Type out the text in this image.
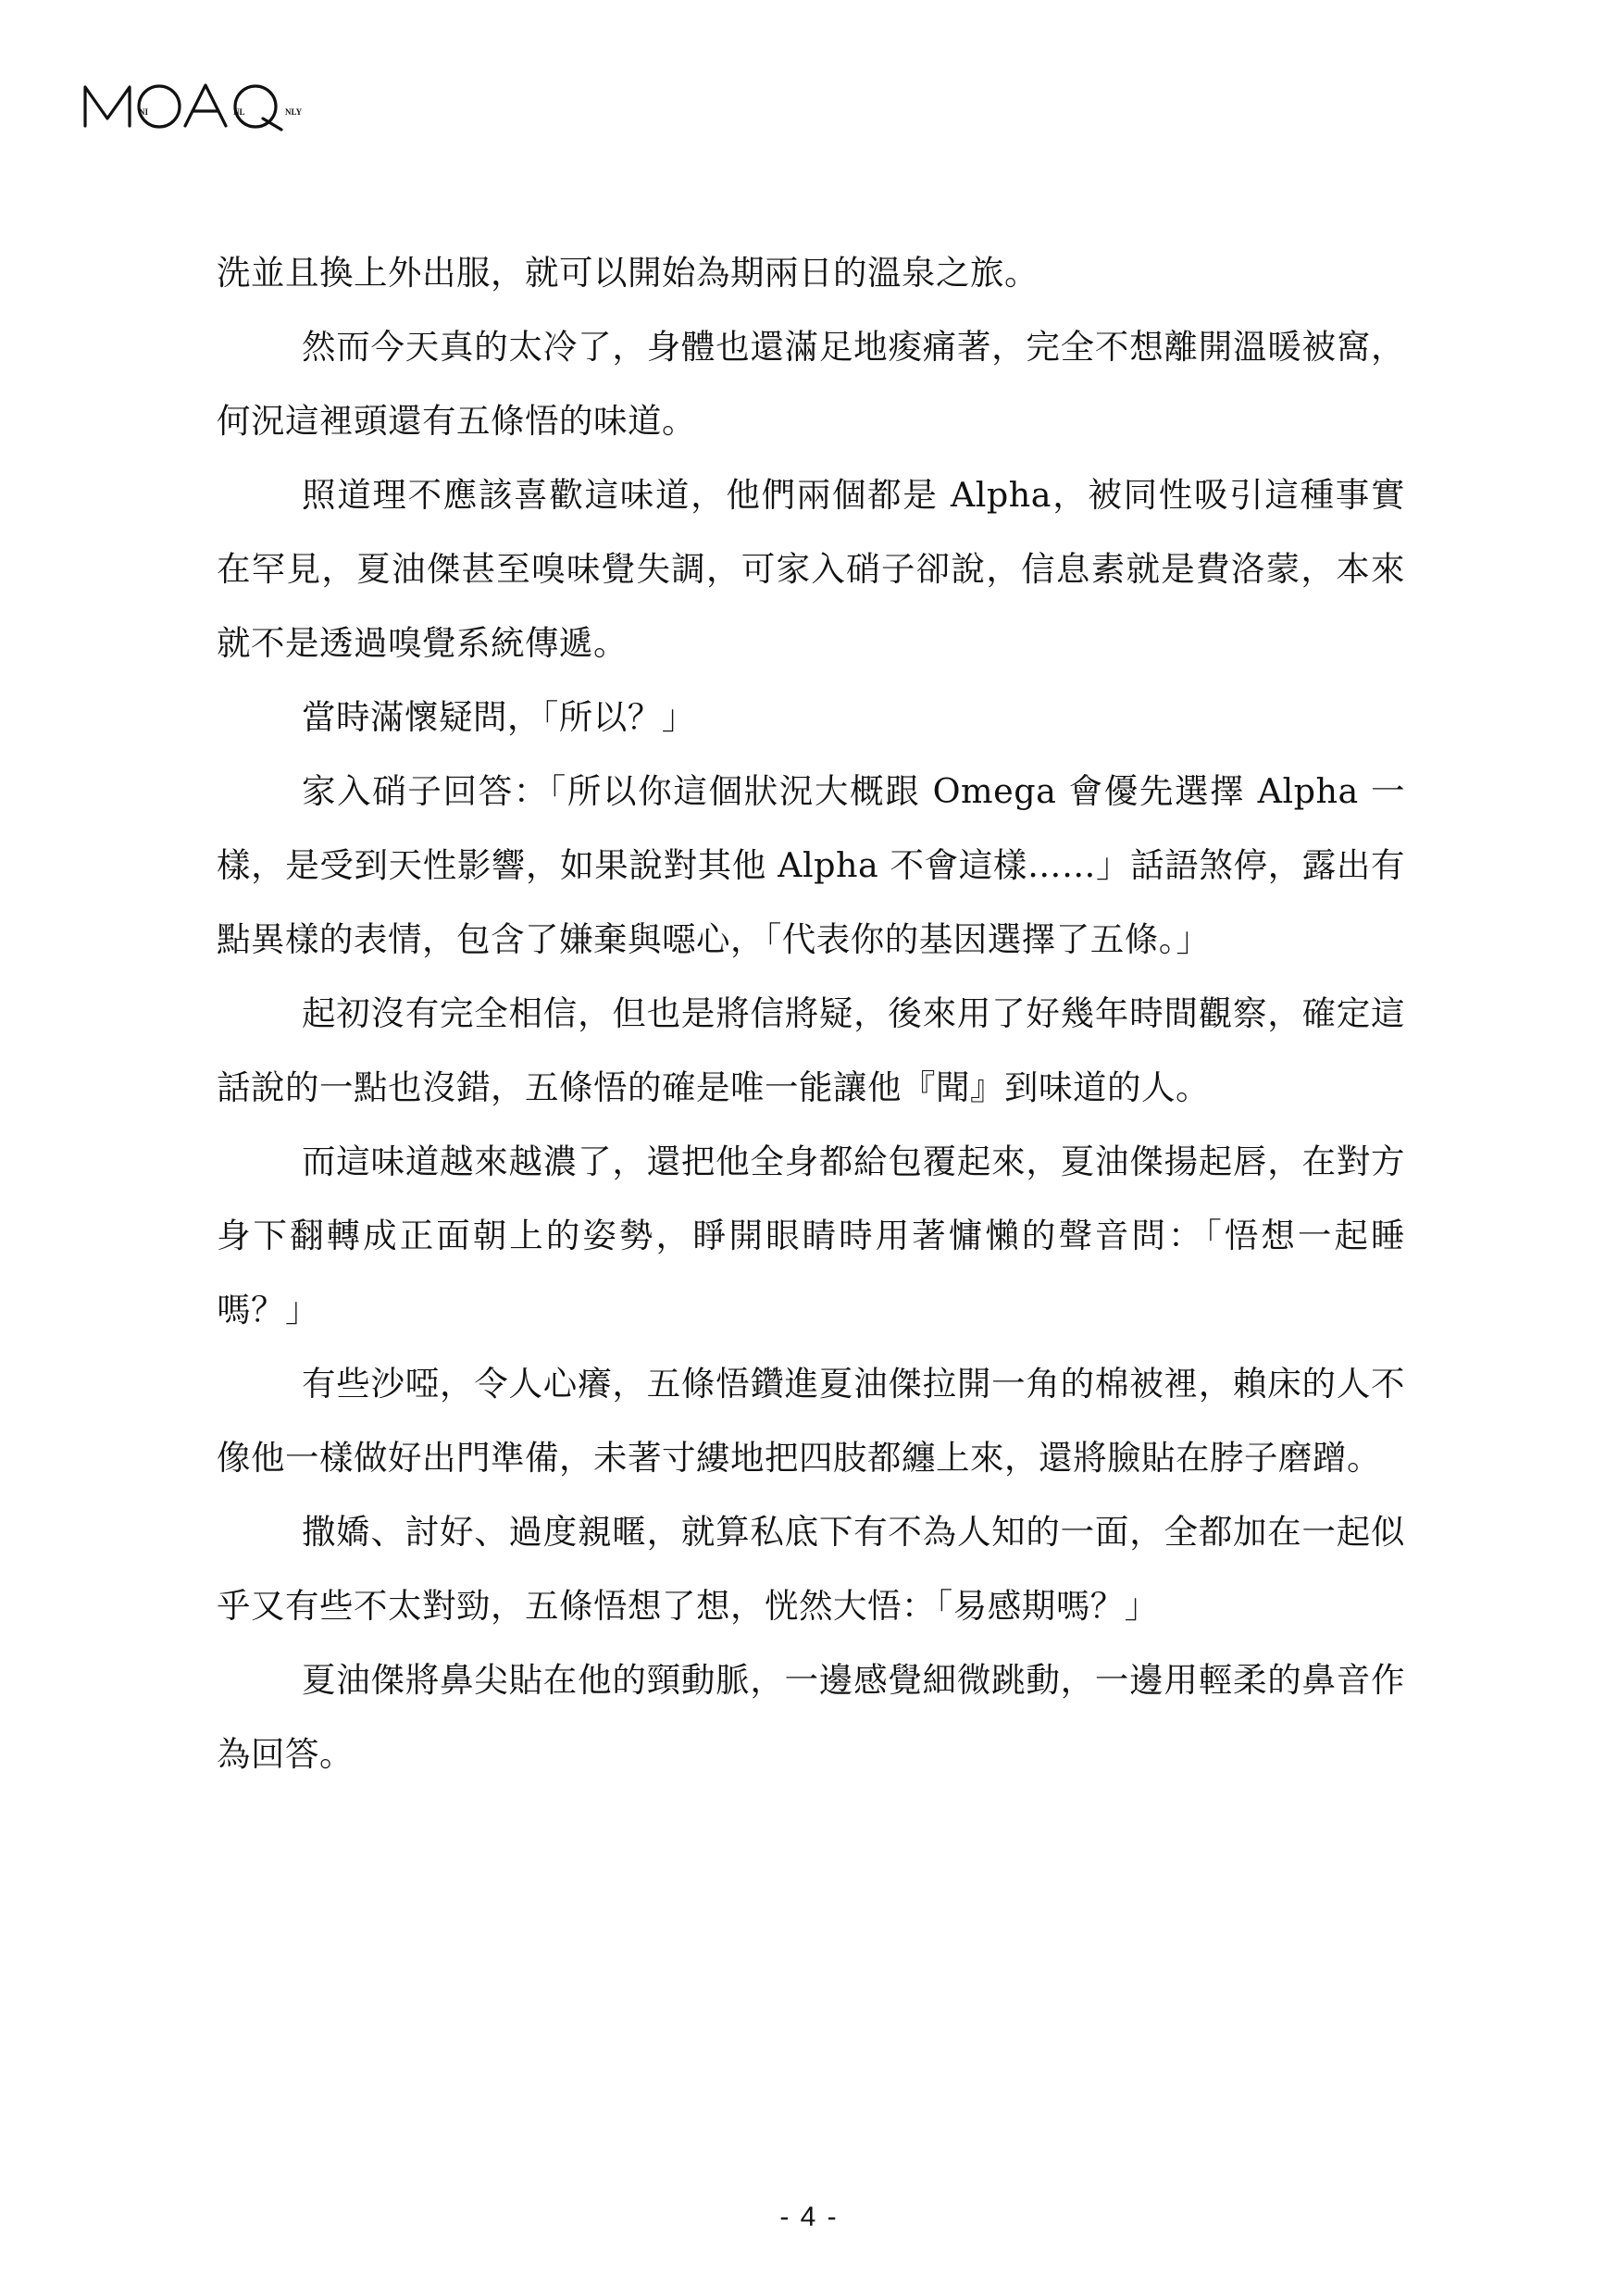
NI	NL	NLY

洗並且換上外出服，就可以開始為期兩日的溫泉之旅。

然而今天真的太冷了，身體也還滿足地痠痛著，完全不想離開溫暖被窩，何況這裡頭還有五條悟的味道。

照道理不應該喜歡這味道，他們兩個都是 Alpha，被同性吸引這種事實在罕見，夏油傑甚至嗅味覺失調，可家入硝子卻說，信息素就是費洛蒙，本來就不是透過嗅覺系統傳遞。

當時滿懷疑問，「所以？」

家入硝子回答：「所以你這個狀況大概跟 Omega 會優先選擇 Alpha 一樣，是受到天性影響，如果說對其他 Alpha 不會這樣……」話語煞停，露出有點異樣的表情，包含了嫌棄與噁心，「代表你的基因選擇了五條。」

起初沒有完全相信，但也是將信將疑，後來用了好幾年時間觀察，確定這話說的一點也沒錯，五條悟的確是唯一能讓他『聞』到味道的人。

而這味道越來越濃了，還把他全身都給包覆起來，夏油傑揚起唇，在對方身下翻轉成正面朝上的姿勢，睜開眼睛時用著慵懶的聲音問：「悟想一起睡嗎？」

有些沙啞，令人心癢，五條悟鑽進夏油傑拉開一角的棉被裡，賴床的人不像他一樣做好出門準備，未著寸縷地把四肢都纏上來，還將臉貼在脖子磨蹭。

撒嬌、討好、過度親暱，就算私底下有不為人知的一面，全都加在一起似乎又有些不太對勁，五條悟想了想，恍然大悟：「易感期嗎？」

夏油傑將鼻尖貼在他的頸動脈，一邊感覺細微跳動，一邊用輕柔的鼻音作為回答。

- 4 -
